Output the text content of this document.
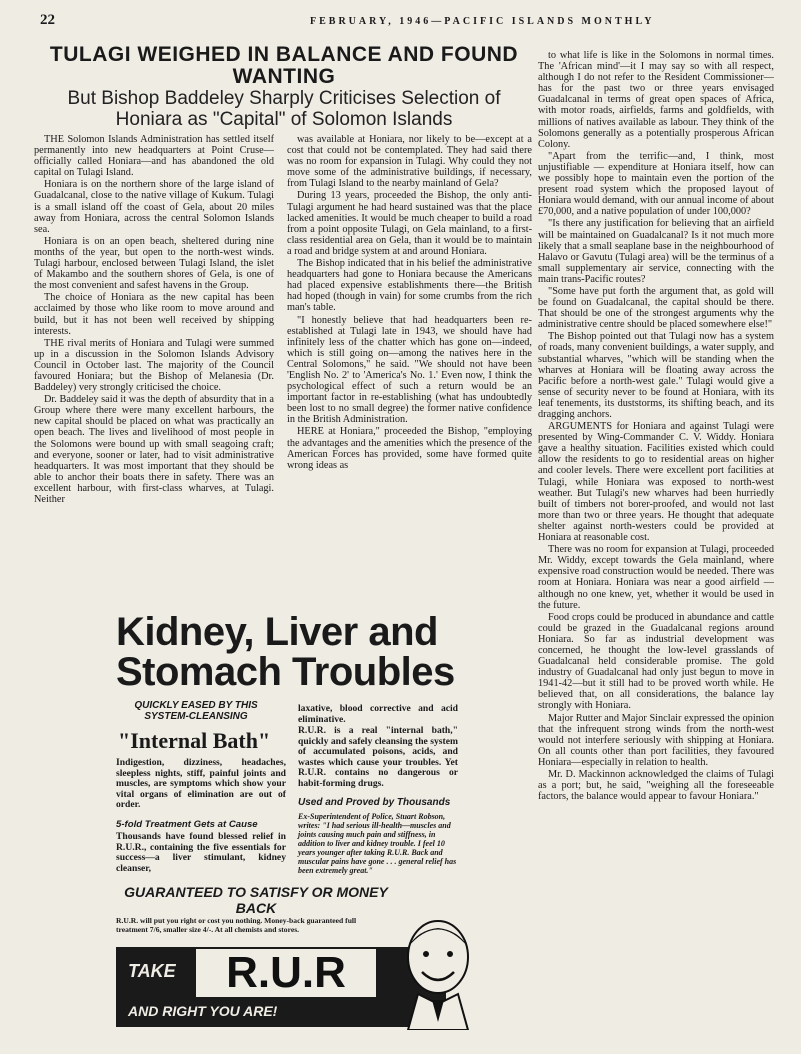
22	FEBRUARY, 1946—PACIFIC ISLANDS MONTHLY
TULAGI WEIGHED IN BALANCE AND FOUND WANTING
But Bishop Baddeley Sharply Criticises Selection of Honiara as "Capital" of Solomon Islands

THE Solomon Islands Administration has settled itself permanently into new headquarters at Point Cruse—officially called Honiara—and has abandoned the old capital on Tulagi Island.

Honiara is on the northern shore of the large island of Guadalcanal, close to the native village of Kukum. Tulagi is a small island off the coast of Gela, about 20 miles away from Honiara, across the central Solomon Islands sea.

Honiara is on an open beach, sheltered during nine months of the year, but open to the north-west winds. Tulagi harbour, enclosed between Tulagi Island, the islet of Makambo and the southern shores of Gela, is one of the most convenient and safest havens in the Group.

The choice of Honiara as the new capital has been acclaimed by those who like room to move around and build, but it has not been well received by shipping interests.

THE rival merits of Honiara and Tulagi were summed up in a discussion in the Solomon Islands Advisory Council in October last. The majority of the Council favoured Honiara; but the Bishop of Melanesia (Dr. Baddeley) very strongly criticised the choice.

Dr. Baddeley said it was the depth of absurdity that in a Group where there were many excellent harbours, the new capital should be placed on what was practically an open beach. The lives and livelihood of most people in the Solomons were bound up with small seagoing craft; and everyone, sooner or later, had to visit administrative headquarters. It was most important that they should be able to anchor their boats there in safety. There was an excellent harbour, with first-class wharves, at Tulagi. Neither

was available at Honiara, nor likely to be—except at a cost that could not be contemplated. They had said there was no room for expansion in Tulagi. Why could they not move some of the administrative buildings, if necessary, from Tulagi Island to the nearby mainland of Gela?

During 13 years, proceeded the Bishop, the only anti-Tulagi argument he had heard sustained was that the place lacked amenities. It would be much cheaper to build a road from a point opposite Tulagi, on Gela mainland, to a first-class residential area on Gela, than it would be to maintain a road and bridge system at and around Honiara.

The Bishop indicated that in his belief the administrative headquarters had gone to Honiara because the Americans had placed expensive establishments there—the British had hoped (though in vain) for some crumbs from the rich man's table.

"I honestly believe that had headquarters been re-established at Tulagi late in 1943, we should have had infinitely less of the chatter which has gone on—indeed, which is still going on—among the natives here in the Central Solomons," he said. "We should not have been 'English No. 2' to 'America's No. 1.' Even now, I think the psychological effect of such a return would be an important factor in re-establishing (what has undoubtedly been lost to no small degree) the former native confidence in the British Administration.

HERE at Honiara," proceeded the Bishop, "employing the advantages and the amenities which the presence of the American Forces has provided, some have formed quite wrong ideas as

to what life is like in the Solomons in normal times. The 'African mind'—it I may say so with all respect, although I do not refer to the Resident Commissioner—has for the past two or three years envisaged Guadalcanal in terms of great open spaces of Africa, with motor roads, airfields, farms and goldfields, with millions of natives available as labour. They think of the Solomons generally as a potentially prosperous African Colony.

"Apart from the terrific—and, I think, most unjustifiable — expenditure at Honiara itself, how can we possibly hope to maintain even the portion of the present road system which the proposed layout of Honiara would demand, with our annual income of about £70,000, and a native population of under 100,000?

"Is there any justification for believing that an airfield will be maintained on Guadalcanal? Is it not much more likely that a small seaplane base in the neighbourhood of Halavo or Gavutu (Tulagi area) will be the terminus of a small supplementary air service, connecting with the main trans-Pacific routes?

"Some have put forth the argument that, as gold will be found on Guadalcanal, the capital should be there. That should be one of the strongest arguments why the administrative centre should be placed somewhere else!"

The Bishop pointed out that Tulagi now has a system of roads, many convenient buildings, a water supply, and substantial wharves, "which will be standing when the wharves at Honiara will be floating away across the Pacific before a north-west gale." Tulagi would give a sense of security never to be found at Honiara, with its leaf tenements, its duststorms, its shifting beach, and its dragging anchors.

ARGUMENTS for Honiara and against Tulagi were presented by Wing-Commander C. V. Widdy. Honiara gave a healthy situation. Facilities existed which could allow the residents to go to residential areas on higher and cooler levels. There were excellent port facilities at Tulagi, while Honiara was exposed to north-west weather. But Tulagi's new wharves had been hurriedly built of timbers not borer-proofed, and would not last more than two or three years. He thought that adequate shelter against north-westers could be provided at Honiara at reasonable cost.

There was no room for expansion at Tulagi, proceeded Mr. Widdy, except towards the Gela mainland, where expensive road construction would be needed. There was room at Honiara. Honiara was near a good airfield — although no one knew, yet, whether it would be used in the future.

Food crops could be produced in abundance and cattle could be grazed in the Guadalcanal regions around Honiara. So far as industrial development was concerned, he thought the low-level grasslands of Guadalcanal held considerable promise. The gold industry of Guadalcanal had only just begun to move in 1941-42—but it still had to be proved worth while. He believed that, on all considerations, the balance lay strongly with Honiara.

Major Rutter and Major Sinclair expressed the opinion that the infrequent strong winds from the north-west would not interfere seriously with shipping at Honiara. On all counts other than port facilities, they favoured Honiara—especially in relation to health.

Mr. D. Mackinnon acknowledged the claims of Tulagi as a port; but, he said, "weighing all the foreseeable factors, the balance would appear to favour Honiara."

Kidney, Liver and
Stomach Troubles
QUICKLY EASED BY THIS SYSTEM-CLEANSING
"Internal Bath"
Indigestion, dizziness, headaches, sleepless nights, stiff, painful joints and muscles, are symptoms which show your vital organs of elimination are out of order.
5-fold Treatment Gets at Cause
Thousands have found blessed relief in R.U.R., containing the five essentials for success—a liver stimulant, kidney cleanser,
laxative, blood corrective and acid eliminative.
R.U.R. is a real "internal bath," quickly and safely cleansing the system of accumulated poisons, acids, and wastes which cause your troubles. Yet R.U.R. contains no dangerous or habit-forming drugs.
Used and Proved by Thousands
Ex-Superintendent of Police, Stuart Robson, writes: "I had serious ill-health—muscles and joints causing much pain and stiffness, in addition to liver and kidney trouble. I feel 10 years younger after taking R.U.R. Back and muscular pains have gone . . . general relief has been extremely great."
GUARANTEED TO SATISFY OR MONEY BACK
R.U.R. will put you right or cost you nothing. Money-back guaranteed full treatment 7/6, smaller size 4/-. At all chemists and stores.
TAKE	R.U.R
AND RIGHT YOU ARE!
